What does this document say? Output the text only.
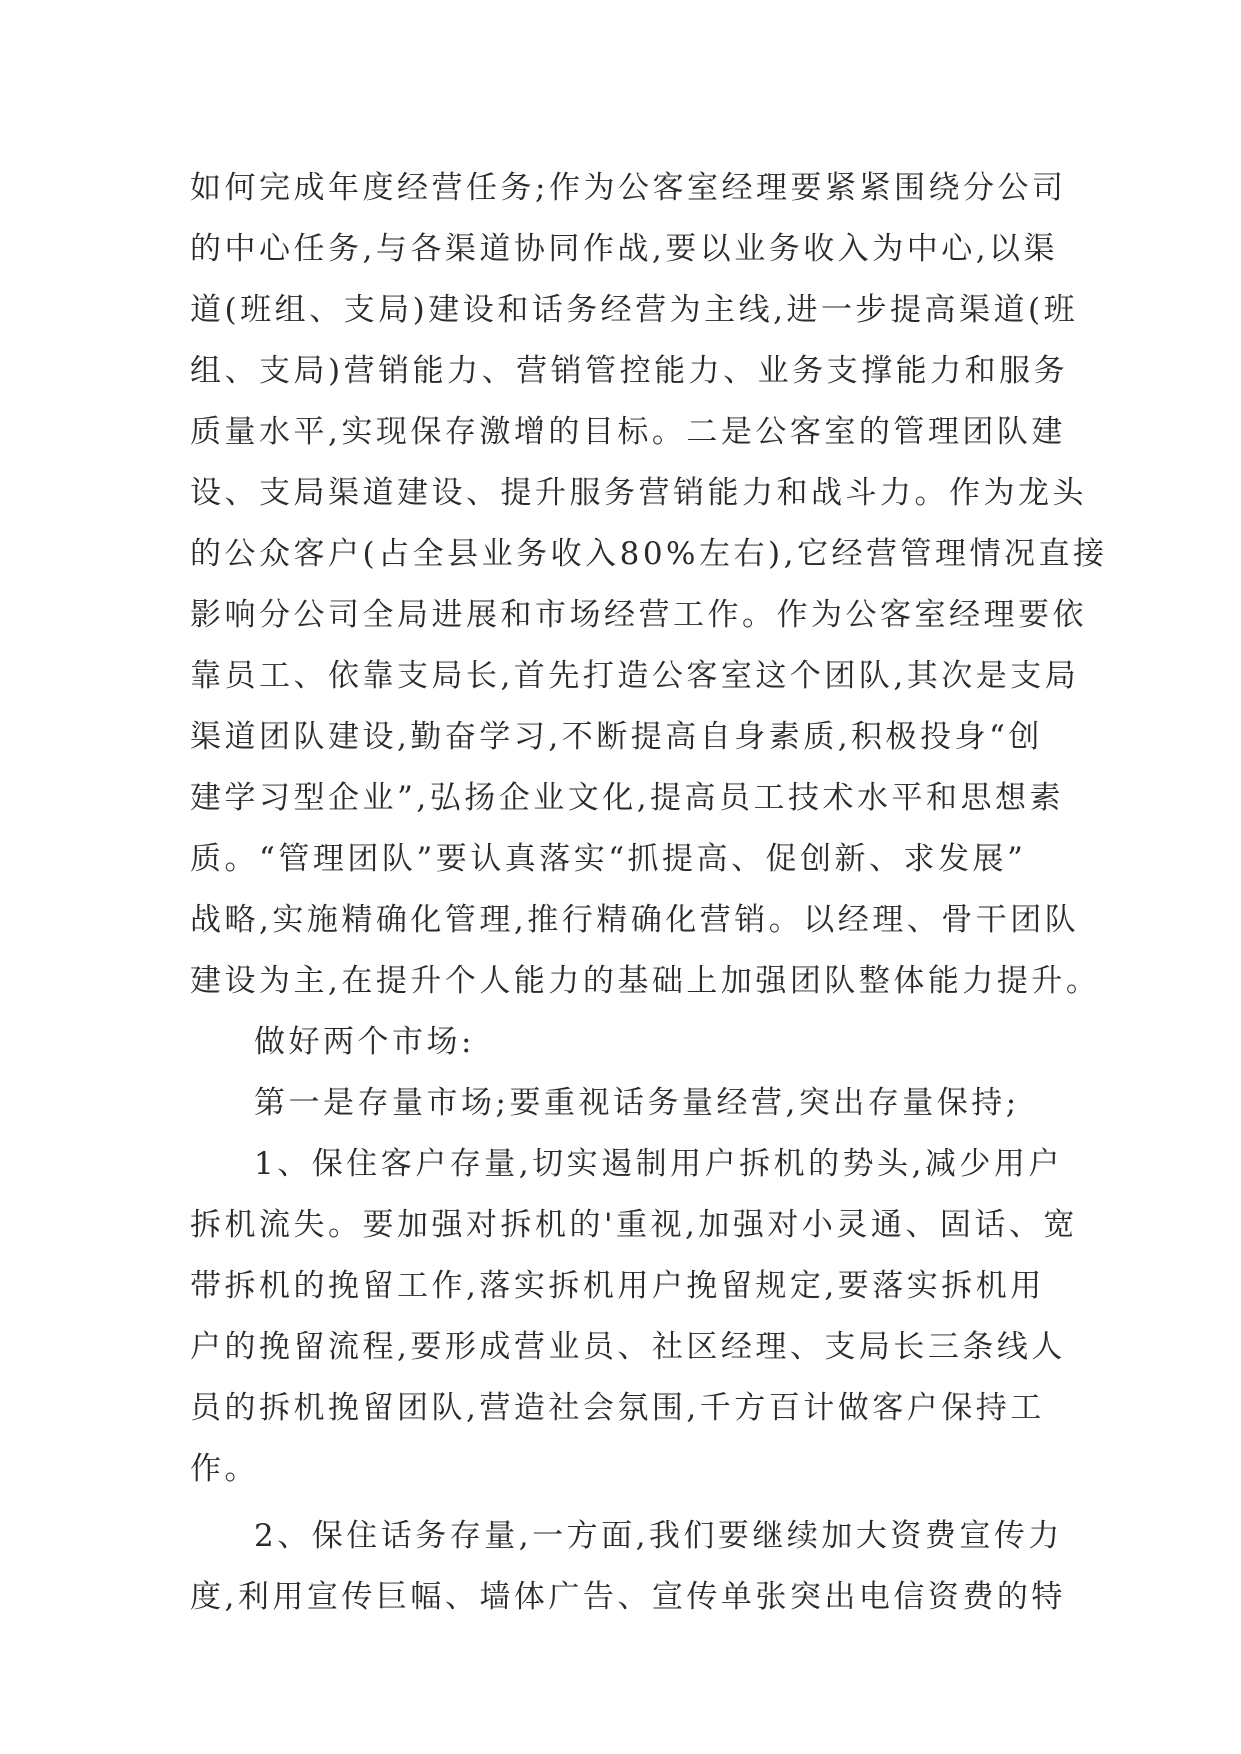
如何完成年度经营任务;作为公客室经理要紧紧围绕分公司
的中心任务,与各渠道协同作战,要以业务收入为中心,以渠
道(班组、支局)建设和话务经营为主线,进一步提高渠道(班
组、支局)营销能力、营销管控能力、业务支撑能力和服务
质量水平,实现保存激增的目标。二是公客室的管理团队建
设、支局渠道建设、提升服务营销能力和战斗力。作为龙头
的公众客户(占全县业务收入80%左右),它经营管理情况直接
影响分公司全局进展和市场经营工作。作为公客室经理要依
靠员工、依靠支局长,首先打造公客室这个团队,其次是支局
渠道团队建设,勤奋学习,不断提高自身素质,积极投身“创
建学习型企业”,弘扬企业文化,提高员工技术水平和思想素
质。“管理团队”要认真落实“抓提高、促创新、求发展”
战略,实施精确化管理,推行精确化营销。以经理、骨干团队
建设为主,在提升个人能力的基础上加强团队整体能力提升。
做好两个市场:
第一是存量市场;要重视话务量经营,突出存量保持;
1、保住客户存量,切实遏制用户拆机的势头,减少用户
拆机流失。要加强对拆机的'重视,加强对小灵通、固话、宽
带拆机的挽留工作,落实拆机用户挽留规定,要落实拆机用
户的挽留流程,要形成营业员、社区经理、支局长三条线人
员的拆机挽留团队,营造社会氛围,千方百计做客户保持工
作。
2、保住话务存量,一方面,我们要继续加大资费宣传力
度,利用宣传巨幅、墙体广告、宣传单张突出电信资费的特
